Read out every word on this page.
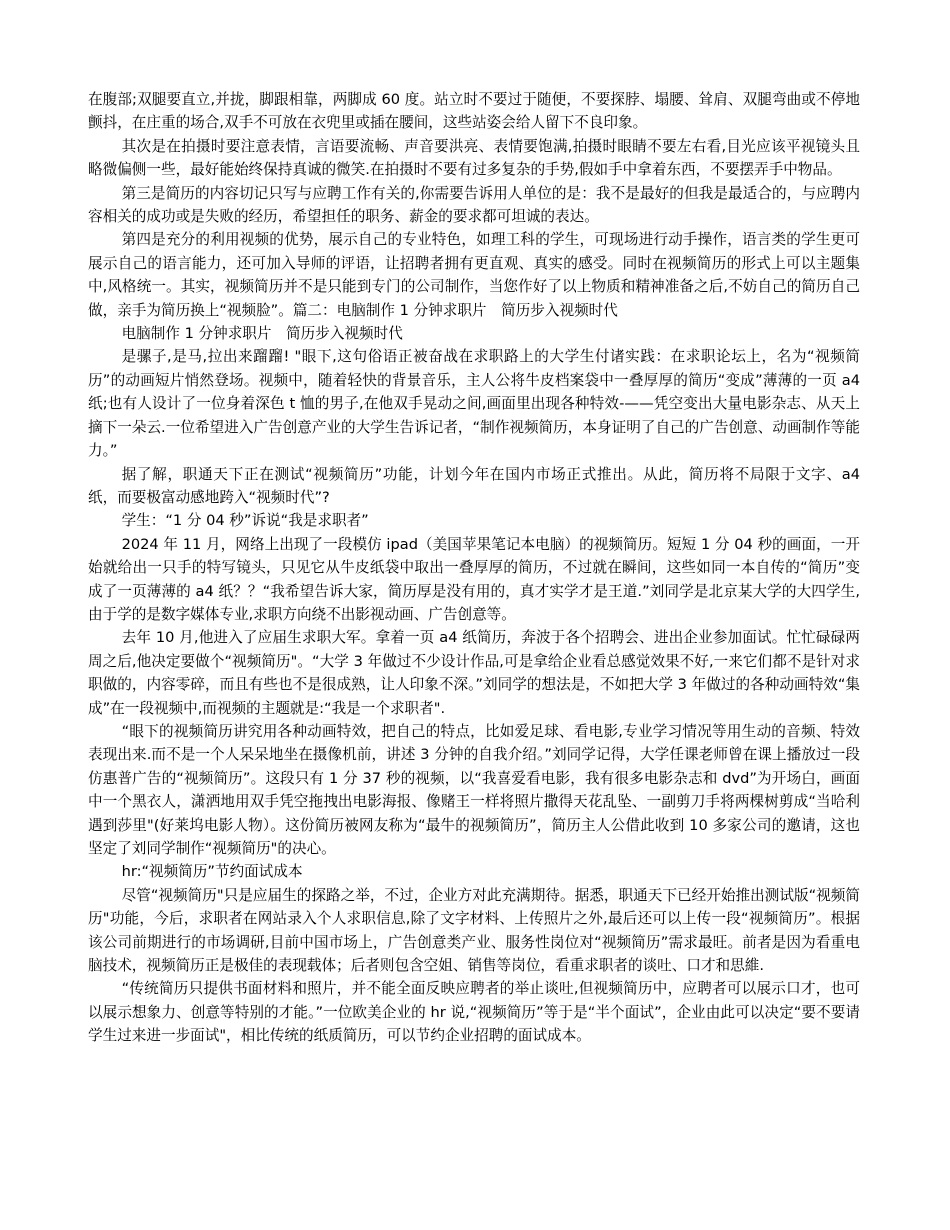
在腹部;双腿要直立,并拢，脚跟相靠，两脚成 60 度。站立时不要过于随便，不要探脖、塌腰、耸肩、双腿弯曲或不停地颤抖，在庄重的场合,双手不可放在衣兜里或插在腰间，这些站姿会给人留下不良印象。

其次是在拍摄时要注意表情，言语要流畅、声音要洪亮、表情要饱满,拍摄时眼睛不要左右看,目光应该平视镜头且略微偏侧一些，最好能始终保持真诚的微笑.在拍摄时不要有过多复杂的手势,假如手中拿着东西，不要摆弄手中物品。

第三是简历的内容切记只写与应聘工作有关的,你需要告诉用人单位的是：我不是最好的但我是最适合的，与应聘内容相关的成功或是失败的经历，希望担任的职务、薪金的要求都可坦诚的表达。

第四是充分的利用视频的优势，展示自己的专业特色，如理工科的学生，可现场进行动手操作，语言类的学生更可展示自己的语言能力，还可加入导师的评语，让招聘者拥有更直观、真实的感受。同时在视频简历的形式上可以主题集中,风格统一。其实，视频简历并不是只能到专门的公司制作，当您作好了以上物质和精神准备之后,不妨自己的简历自己做，亲手为简历换上“视频脸”。篇二：电脑制作 1 分钟求职片　简历步入视频时代

电脑制作 1 分钟求职片　简历步入视频时代

是骡子,是马,拉出来蹓蹓! "眼下,这句俗语正被奋战在求职路上的大学生付诸实践：在求职论坛上，名为“视频简历”的动画短片悄然登场。视频中，随着轻快的背景音乐，主人公将牛皮档案袋中一叠厚厚的简历“变成”薄薄的一页 a4 纸;也有人设计了一位身着深色 t 恤的男子,在他双手晃动之间,画面里出现各种特效-——凭空变出大量电影杂志、从天上摘下一朵云.一位希望进入广告创意产业的大学生告诉记者，“制作视频简历，本身证明了自己的广告创意、动画制作等能力。”

据了解，职通天下正在测试“视频简历”功能，计划今年在国内市场正式推出。从此，简历将不局限于文字、a4 纸，而要极富动感地跨入“视频时代”?

学生：“1 分 04 秒”诉说“我是求职者”

2024 年 11 月，网络上出现了一段模仿 ipad（美国苹果笔记本电脑）的视频简历。短短 1 分 04 秒的画面，一开始就给出一只手的特写镜头，只见它从牛皮纸袋中取出一叠厚厚的简历，不过就在瞬间，这些如同一本自传的“简历”变成了一页薄薄的 a4 纸？？“我希望告诉大家，简历厚是没有用的，真才实学才是王道.”刘同学是北京某大学的大四学生,由于学的是数字媒体专业,求职方向绕不出影视动画、广告创意等。

去年 10 月,他进入了应届生求职大军。拿着一页 a4 纸简历，奔波于各个招聘会、进出企业参加面试。忙忙碌碌两周之后,他决定要做个“视频简历"。“大学 3 年做过不少设计作品,可是拿给企业看总感觉效果不好,一来它们都不是针对求职做的，内容零碎，而且有些也不是很成熟，让人印象不深。”刘同学的想法是，不如把大学 3 年做过的各种动画特效“集成”在一段视频中,而视频的主题就是:“我是一个求职者".

“眼下的视频简历讲究用各种动画特效，把自己的特点，比如爱足球、看电影,专业学习情况等用生动的音频、特效表现出来.而不是一个人呆呆地坐在摄像机前，讲述 3 分钟的自我介绍。”刘同学记得，大学任课老师曾在课上播放过一段仿惠普广告的“视频简历”。这段只有 1 分 37 秒的视频，以“我喜爱看电影，我有很多电影杂志和 dvd”为开场白，画面中一个黑衣人，潇洒地用双手凭空拖拽出电影海报、像赌王一样将照片撒得天花乱坠、一副剪刀手将两棵树剪成“当哈利遇到莎里"(好莱坞电影人物）。这份简历被网友称为“最牛的视频简历”，简历主人公借此收到 10 多家公司的邀请，这也坚定了刘同学制作“视频简历"的决心。

hr:“视频简历”节约面试成本

尽管“视频简历"只是应届生的探路之举，不过，企业方对此充满期待。据悉，职通天下已经开始推出测试版“视频简历"功能，今后，求职者在网站录入个人求职信息,除了文字材料、上传照片之外,最后还可以上传一段“视频简历”。根据该公司前期进行的市场调研,目前中国市场上，广告创意类产业、服务性岗位对“视频简历”需求最旺。前者是因为看重电脑技术，视频简历正是极佳的表现载体；后者则包含空姐、销售等岗位，看重求职者的谈吐、口才和思維.

“传统简历只提供书面材料和照片，并不能全面反映应聘者的举止谈吐,但视频简历中，应聘者可以展示口才，也可以展示想象力、创意等特别的才能。”一位欧美企业的 hr 说,“视频简历”等于是“半个面试”，企业由此可以决定“要不要请学生过来进一步面试"，相比传统的纸质简历，可以节约企业招聘的面试成本。
